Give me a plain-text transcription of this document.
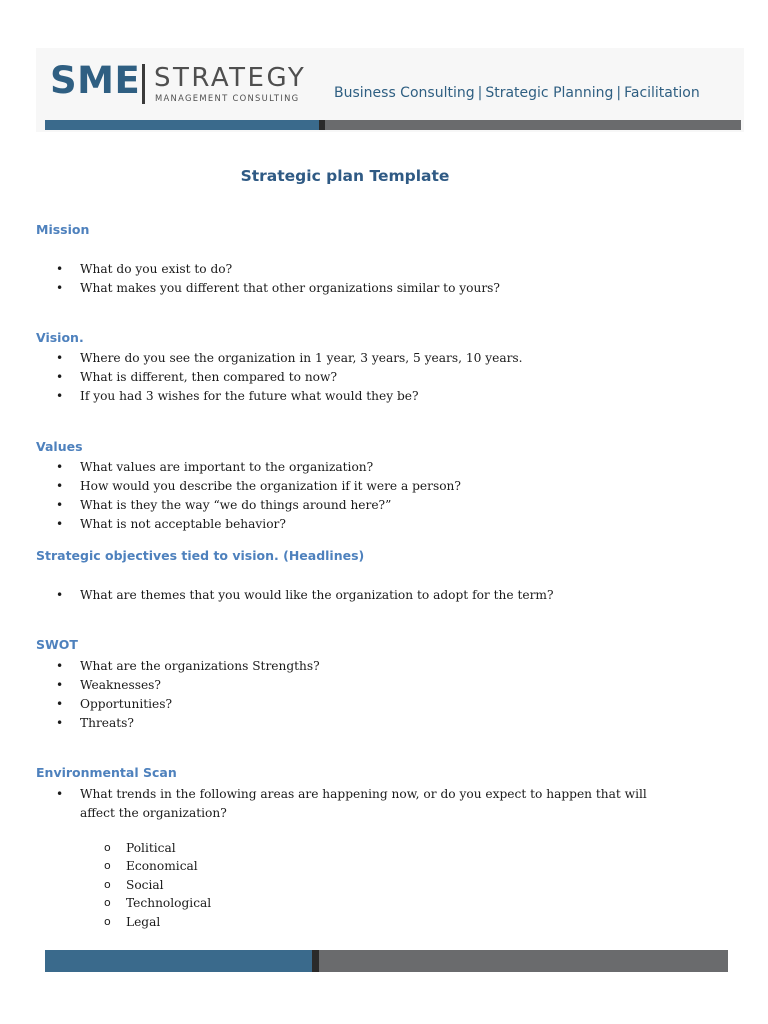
SME STRATEGY
MANAGEMENT CONSULTING Business Consulting | Strategic Planning | Facilitation
Strategic plan Template
Mission
• What do you exist to do?
• What makes you different that other organizations similar to yours?
Vision.
• Where do you see the organization in 1 year, 3 years, 5 years, 10 years.
• What is different, then compared to now?
• If you had 3 wishes for the future what would they be?
Values
• What values are important to the organization?
• How would you describe the organization if it were a person?
• What is they the way “we do things around here?”
• What is not acceptable behavior?
Strategic objectives tied to vision. (Headlines)
• What are themes that you would like the organization to adopt for the term?
SWOT
• What are the organizations Strengths?
• Weaknesses?
• Opportunities?
• Threats?
Environmental Scan
• What trends in the following areas are happening now, or do you expect to happen that will affect the organization?
o Political
o Economical
o Social
o Technological
o Legal
